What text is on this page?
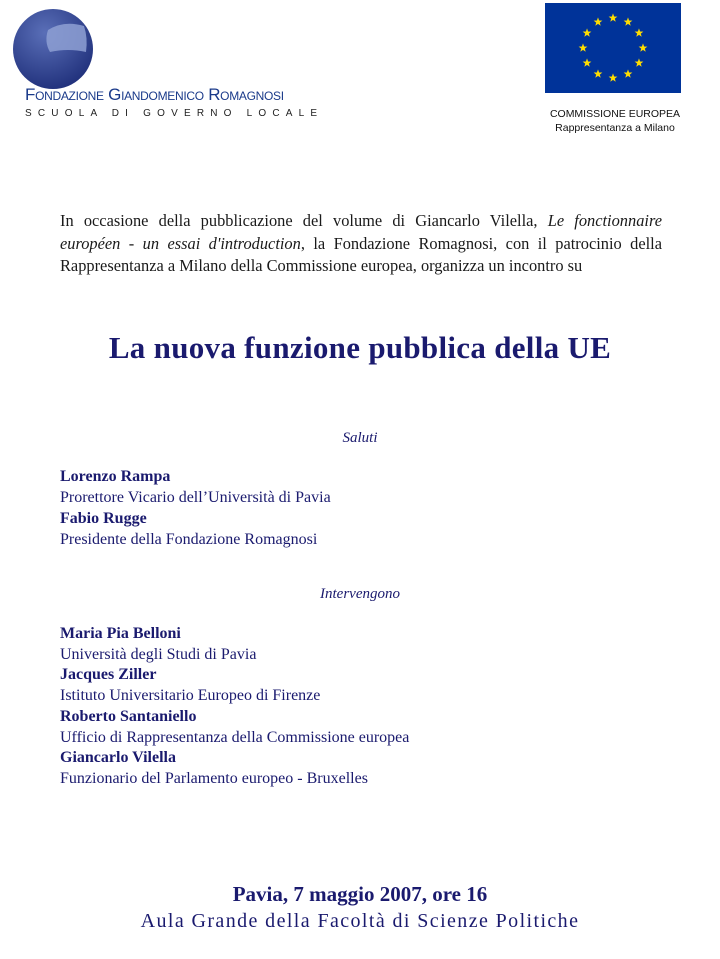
Fondazione Giandomenico Romagnosi
SCUOLA DI GOVERNO LOCALE	COMMISSIONE EUROPEA
Rappresentanza a Milano
In occasione della pubblicazione del volume di Giancarlo Vilella, Le fonctionnaire européen - un essai d'introduction, la Fondazione Romagnosi, con il patrocinio della Rappresentanza a Milano della Commissione europea, organizza un incontro su
La nuova funzione pubblica della UE
Saluti
Lorenzo Rampa
Prorettore Vicario dell’Università di Pavia
Fabio Rugge
Presidente della Fondazione Romagnosi
Intervengono
Maria Pia Belloni
Università degli Studi di Pavia
Jacques Ziller
Istituto Universitario Europeo di Firenze
Roberto Santaniello
Ufficio di Rappresentanza della Commissione europea
Giancarlo Vilella
Funzionario del Parlamento europeo - Bruxelles
Pavia, 7 maggio 2007, ore 16
Aula Grande della Facoltà di Scienze Politiche
